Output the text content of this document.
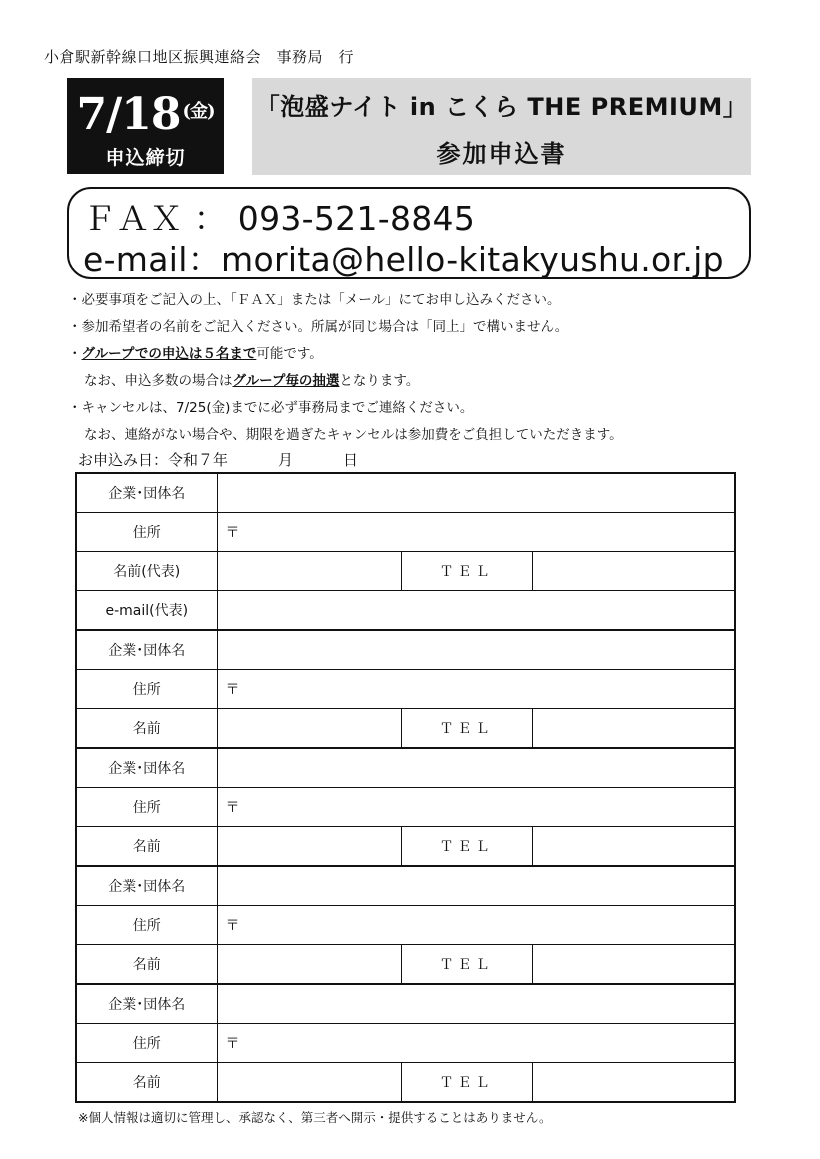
小倉駅新幹線口地区振興連絡会　事務局　行
7/18 $^{(金)}$
申込締切
「泡盛ナイト in こくら THE PREMIUM」
参加申込書
ＦＡＸ ： 093-521-8845
e-mail：morita@hello-kitakyushu.or.jp
・必要事項をご記入の上、「ＦＡＸ」または「メール」にてお申し込みください。
・参加希望者の名前をご記入ください。所属が同じ場合は「同上」で構いません。
・グループでの申込は５名まで可能です。
なお、申込多数の場合はグループ毎の抽選となります。
・キャンセルは、7/25(金)までに必ず事務局までご連絡ください。
なお、連絡がない場合や、期限を過ぎたキャンセルは参加費をご負担していただきます。
お申込み日：令和７年	月	日
企業･団体名			
住所	〒		
名前(代表)		ＴＥＬ	
e-mail(代表)			
企業･団体名			
住所	〒		
名前		ＴＥＬ	
企業･団体名			
住所	〒		
名前		ＴＥＬ	
企業･団体名			
住所	〒		
名前		ＴＥＬ	
企業･団体名			
住所	〒		
名前		ＴＥＬ	
※個人情報は適切に管理し、承認なく、第三者へ開示・提供することはありません。
